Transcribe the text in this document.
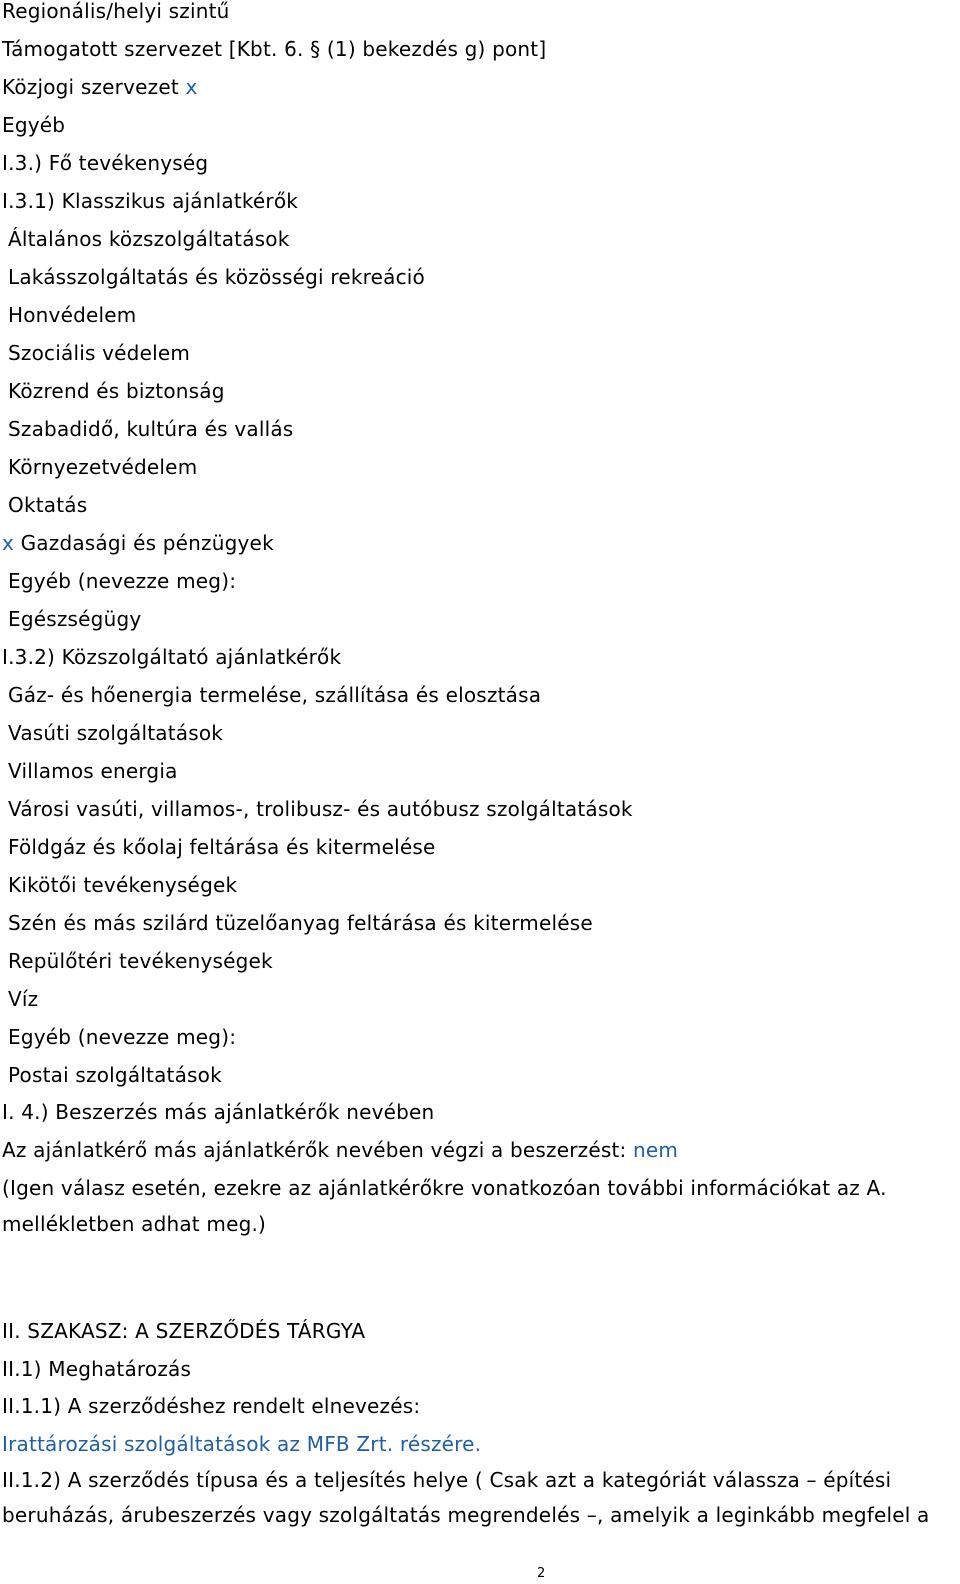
Regionális/helyi szintű
Támogatott szervezet [Kbt. 6. § (1) bekezdés g) pont]
Közjogi szervezet x
Egyéb
I.3.) Fő tevékenység
I.3.1) Klasszikus ajánlatkérők
Általános közszolgáltatások
Lakásszolgáltatás és közösségi rekreáció
Honvédelem
Szociális védelem
Közrend és biztonság
Szabadidő, kultúra és vallás
Környezetvédelem
Oktatás
x Gazdasági és pénzügyek
Egyéb (nevezze meg):
Egészségügy
I.3.2) Közszolgáltató ajánlatkérők
Gáz- és hőenergia termelése, szállítása és elosztása
Vasúti szolgáltatások
Villamos energia
Városi vasúti, villamos-, trolibusz- és autóbusz szolgáltatások
Földgáz és kőolaj feltárása és kitermelése
Kikötői tevékenységek
Szén és más szilárd tüzelőanyag feltárása és kitermelése
Repülőtéri tevékenységek
Víz
Egyéb (nevezze meg):
Postai szolgáltatások
I. 4.) Beszerzés más ajánlatkérők nevében
Az ajánlatkérő más ajánlatkérők nevében végzi a beszerzést: nem
(Igen válasz esetén, ezekre az ajánlatkérőkre vonatkozóan további információkat az A.
mellékletben adhat meg.)
II. SZAKASZ: A SZERZŐDÉS TÁRGYA
II.1) Meghatározás
II.1.1) A szerződéshez rendelt elnevezés:
Irattározási szolgáltatások az MFB Zrt. részére.
II.1.2) A szerződés típusa és a teljesítés helye ( Csak azt a kategóriát válassza – építési
beruházás, árubeszerzés vagy szolgáltatás megrendelés –, amelyik a leginkább megfelel a
2
